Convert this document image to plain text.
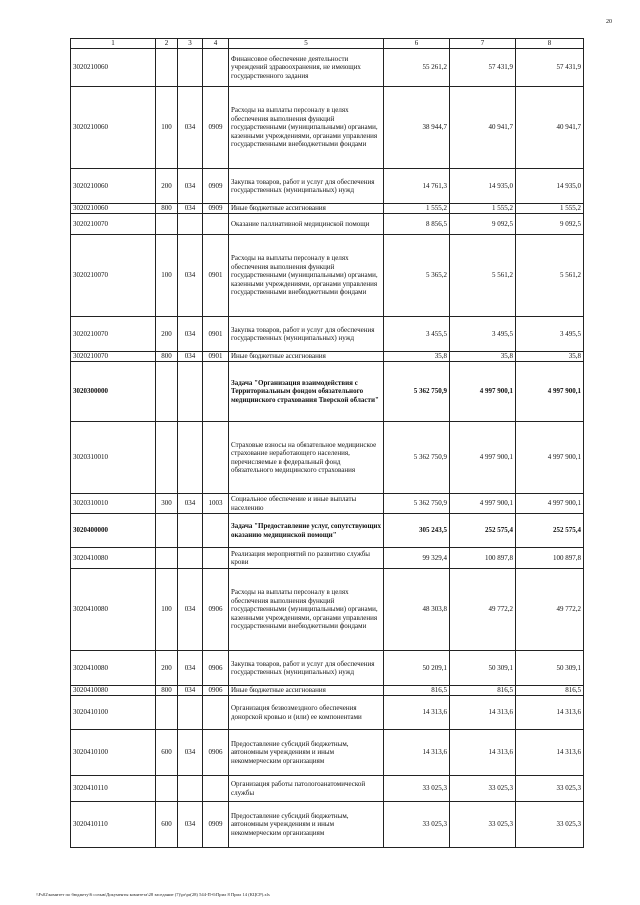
20
1	2	3	4	5	6	7	8
3020210060				Финансовое обеспечение деятельности учреждений здравоохранения, не имеющих государственного задания	55 261,2	57 431,9	57 431,9
3020210060	100	034	0909	Расходы на выплаты персоналу в целях обеспечения выполнения функций государственными (муниципальными) органами, казенными учреждениями, органами управления государственными внебюджетными фондами	38 944,7	40 941,7	40 941,7
3020210060	200	034	0909	Закупка товаров, работ и услуг для обеспечения государственных (муниципальных) нужд	14 761,3	14 935,0	14 935,0
3020210060	800	034	0909	Иные бюджетные ассигнования	1 555,2	1 555,2	1 555,2
3020210070				Оказание паллиативной медицинской помощи	8 856,5	9 092,5	9 092,5
3020210070	100	034	0901	Расходы на выплаты персоналу в целях обеспечения выполнения функций государственными (муниципальными) органами, казенными учреждениями, органами управления государственными внебюджетными фондами	5 365,2	5 561,2	5 561,2
3020210070	200	034	0901	Закупка товаров, работ и услуг для обеспечения государственных (муниципальных) нужд	3 455,5	3 495,5	3 495,5
3020210070	800	034	0901	Иные бюджетные ассигнования	35,8	35,8	35,8
3020300000				Задача "Организация взаимодействия с Территориальным фондом обязательного медицинского страхования Тверской области"	5 362 750,9	4 997 900,1	4 997 900,1
3020310010				Страховые взносы на обязательное медицинское страхование неработающего населения, перечисляемые в федеральный фонд обязательного медицинского страхования	5 362 750,9	4 997 900,1	4 997 900,1
3020310010	300	034	1003	Социальное обеспечение и иные выплаты населению	5 362 750,9	4 997 900,1	4 997 900,1
3020400000				Задача "Предоставление услуг, сопутствующих оказанию медицинской помощи"	305 243,5	252 575,4	252 575,4
3020410080				Реализация мероприятий по развитию службы крови	99 329,4	100 897,8	100 897,8
3020410080	100	034	0906	Расходы на выплаты персоналу в целях обеспечения выполнения функций государственными (муниципальными) органами, казенными учреждениями, органами управления государственными внебюджетными фондами	48 303,8	49 772,2	49 772,2
3020410080	200	034	0906	Закупка товаров, работ и услуг для обеспечения государственных (муниципальных) нужд	50 209,1	50 309,1	50 309,1
3020410080	800	034	0906	Иные бюджетные ассигнования	816,5	816,5	816,5
3020410100				Организация безвозмездного обеспечения донорской кровью и (или) ее компонентами	14 313,6	14 313,6	14 313,6
3020410100	600	034	0906	Предоставление субсидий бюджетным, автономным учреждениям и иным некоммерческим организациям	14 313,6	14 313,6	14 313,6
3020410110				Организация работы патологоанатомической службы	33 025,3	33 025,3	33 025,3
3020410110	600	034	0909	Предоставление субсидий бюджетным, автономным учреждениям и иным некоммерческим организациям	33 025,3	33 025,3	33 025,3
\\Fs02\комитет по бюджету\6 созыв\Документы комитета\28 заседание (7)\pr\pr(28) 544-П-6\Прил 8 Прил 14 (КЦСР).xls
